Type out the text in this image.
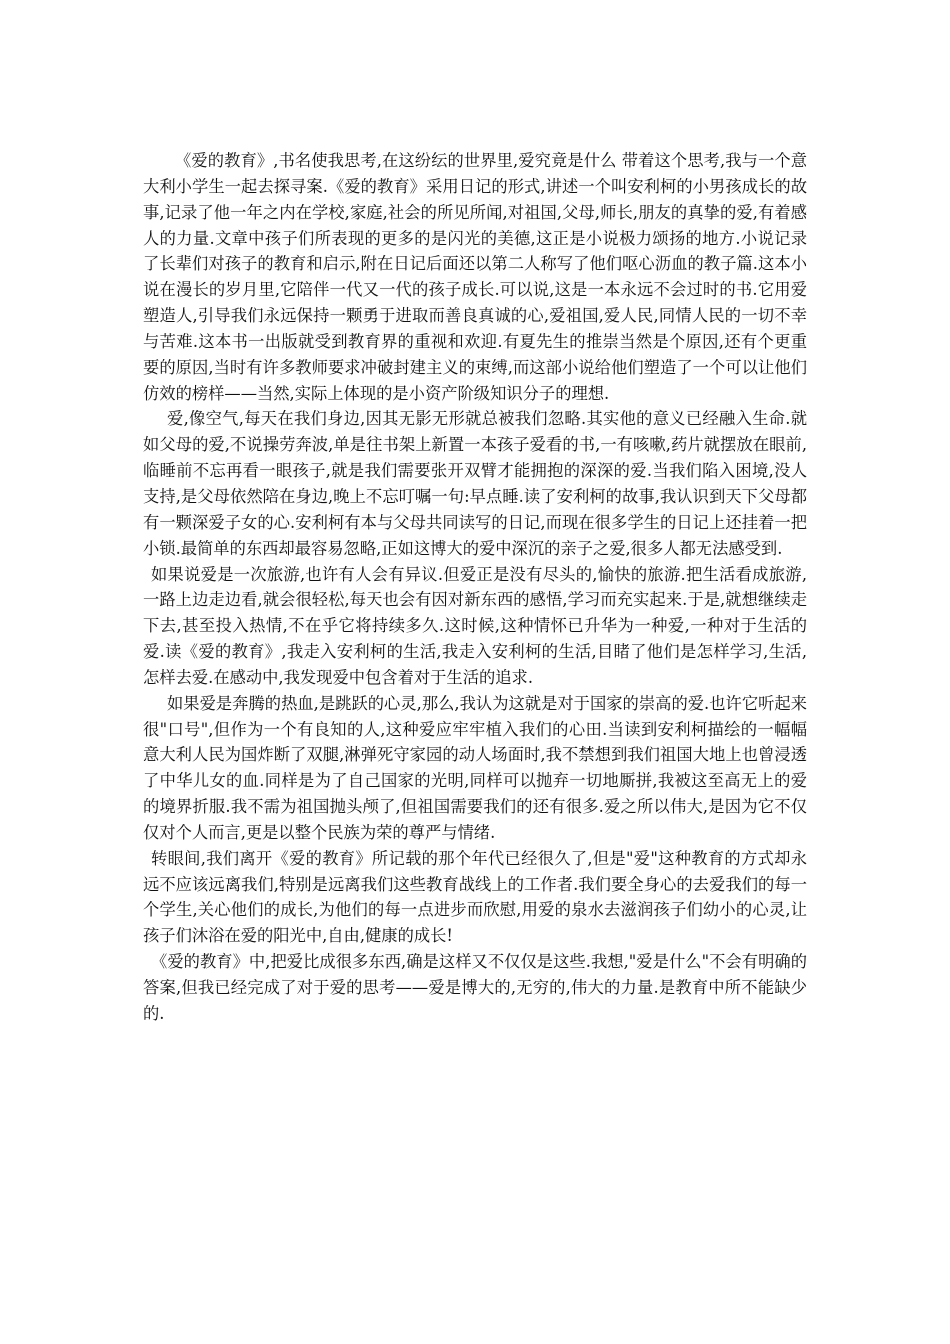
《爱的教育》,书名使我思考,在这纷纭的世界里,爱究竟是什么 带着这个思考,我与一个意大利小学生一起去探寻案.《爱的教育》采用日记的形式,讲述一个叫安利柯的小男孩成长的故事,记录了他一年之内在学校,家庭,社会的所见所闻,对祖国,父母,师长,朋友的真挚的爱,有着感人的力量.文章中孩子们所表现的更多的是闪光的美德,这正是小说极力颂扬的地方.小说记录了长辈们对孩子的教育和启示,附在日记后面还以第二人称写了他们呕心沥血的教子篇.这本小说在漫长的岁月里,它陪伴一代又一代的孩子成长.可以说,这是一本永远不会过时的书.它用爱塑造人,引导我们永远保持一颗勇于进取而善良真诚的心,爱祖国,爱人民,同情人民的一切不幸与苦难.这本书一出版就受到教育界的重视和欢迎.有夏先生的推崇当然是个原因,还有个更重要的原因,当时有许多教师要求冲破封建主义的束缚,而这部小说给他们塑造了一个可以让他们仿效的榜样——当然,实际上体现的是小资产阶级知识分子的理想.

爱,像空气,每天在我们身边,因其无影无形就总被我们忽略.其实他的意义已经融入生命.就如父母的爱,不说操劳奔波,单是往书架上新置一本孩子爱看的书,一有咳嗽,药片就摆放在眼前,临睡前不忘再看一眼孩子,就是我们需要张开双臂才能拥抱的深深的爱.当我们陷入困境,没人支持,是父母依然陪在身边,晚上不忘叮嘱一句:早点睡.读了安利柯的故事,我认识到天下父母都有一颗深爱子女的心.安利柯有本与父母共同读写的日记,而现在很多学生的日记上还挂着一把小锁.最简单的东西却最容易忽略,正如这博大的爱中深沉的亲子之爱,很多人都无法感受到.

如果说爱是一次旅游,也许有人会有异议.但爱正是没有尽头的,愉快的旅游.把生活看成旅游,一路上边走边看,就会很轻松,每天也会有因对新东西的感悟,学习而充实起来.于是,就想继续走下去,甚至投入热情,不在乎它将持续多久.这时候,这种情怀已升华为一种爱,一种对于生活的爱.读《爱的教育》,我走入安利柯的生活,我走入安利柯的生活,目睹了他们是怎样学习,生活,怎样去爱.在感动中,我发现爱中包含着对于生活的追求.

如果爱是奔腾的热血,是跳跃的心灵,那么,我认为这就是对于国家的崇高的爱.也许它听起来很"口号",但作为一个有良知的人,这种爱应牢牢植入我们的心田.当读到安利柯描绘的一幅幅意大利人民为国炸断了双腿,淋弹死守家园的动人场面时,我不禁想到我们祖国大地上也曾浸透了中华儿女的血.同样是为了自己国家的光明,同样可以抛弃一切地厮拼,我被这至高无上的爱的境界折服.我不需为祖国抛头颅了,但祖国需要我们的还有很多.爱之所以伟大,是因为它不仅仅对个人而言,更是以整个民族为荣的尊严与情绪.

转眼间,我们离开《爱的教育》所记载的那个年代已经很久了,但是"爱"这种教育的方式却永远不应该远离我们,特别是远离我们这些教育战线上的工作者.我们要全身心的去爱我们的每一个学生,关心他们的成长,为他们的每一点进步而欣慰,用爱的泉水去滋润孩子们幼小的心灵,让孩子们沐浴在爱的阳光中,自由,健康的成长!

《爱的教育》中,把爱比成很多东西,确是这样又不仅仅是这些.我想,"爱是什么"不会有明确的答案,但我已经完成了对于爱的思考——爱是博大的,无穷的,伟大的力量.是教育中所不能缺少的.
